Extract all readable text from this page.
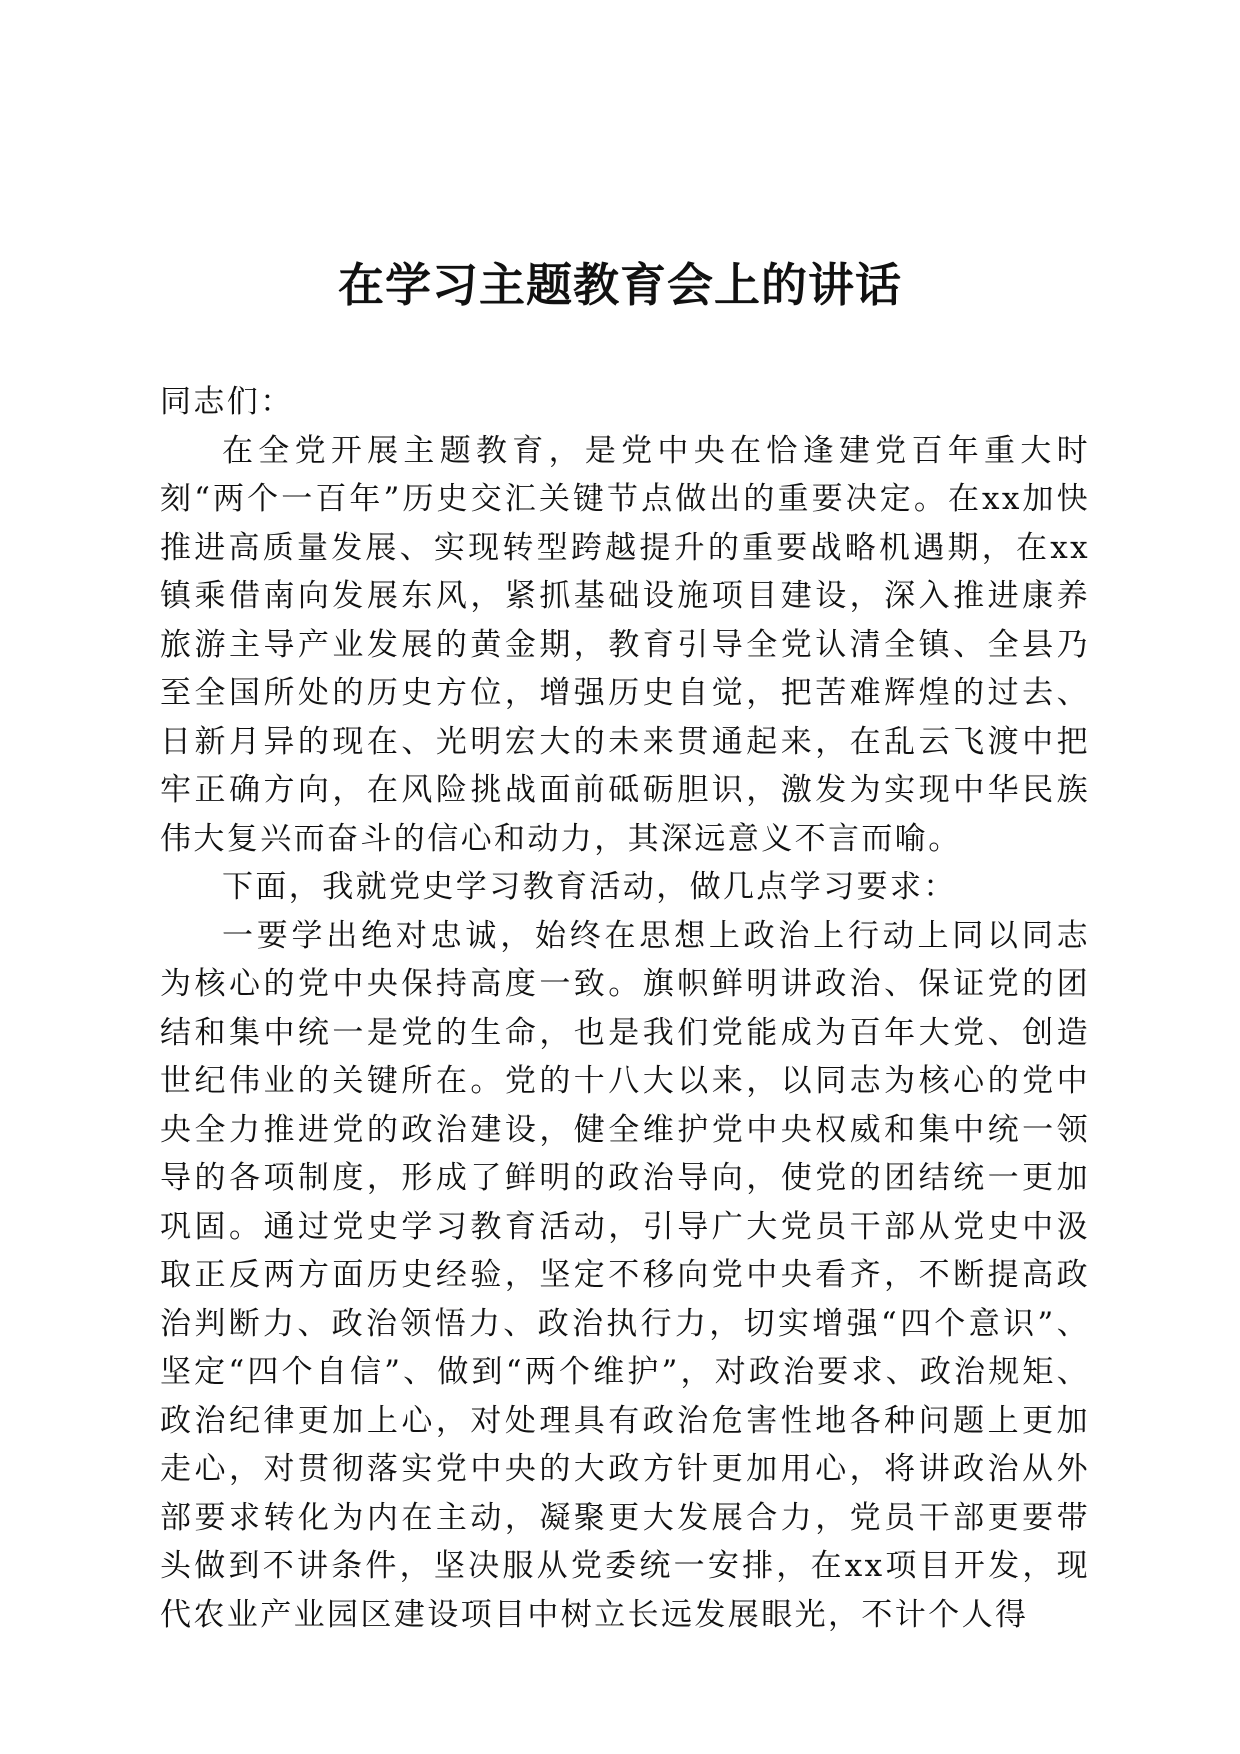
在学习主题教育会上的讲话

同志们：

在全党开展主题教育，是党中央在恰逢建党百年重大时刻“两个一百年”历史交汇关键节点做出的重要决定。在xx加快推进高质量发展、实现转型跨越提升的重要战略机遇期，在xx镇乘借南向发展东风，紧抓基础设施项目建设，深入推进康养旅游主导产业发展的黄金期，教育引导全党认清全镇、全县乃至全国所处的历史方位，增强历史自觉，把苦难辉煌的过去、日新月异的现在、光明宏大的未来贯通起来，在乱云飞渡中把牢正确方向，在风险挑战面前砥砺胆识，激发为实现中华民族伟大复兴而奋斗的信心和动力，其深远意义不言而喻。

下面，我就党史学习教育活动，做几点学习要求：

一要学出绝对忠诚，始终在思想上政治上行动上同以同志为核心的党中央保持高度一致。旗帜鲜明讲政治、保证党的团结和集中统一是党的生命，也是我们党能成为百年大党、创造世纪伟业的关键所在。党的十八大以来，以同志为核心的党中央全力推进党的政治建设，健全维护党中央权威和集中统一领导的各项制度，形成了鲜明的政治导向，使党的团结统一更加巩固。通过党史学习教育活动，引导广大党员干部从党史中汲取正反两方面历史经验，坚定不移向党中央看齐，不断提高政治判断力、政治领悟力、政治执行力，切实增强“四个意识”、坚定“四个自信”、做到“两个维护”，对政治要求、政治规矩、政治纪律更加上心，对处理具有政治危害性地各种问题上更加走心，对贯彻落实党中央的大政方针更加用心，将讲政治从外部要求转化为内在主动，凝聚更大发展合力，党员干部更要带头做到不讲条件，坚决服从党委统一安排，在xx项目开发，现代农业产业园区建设项目中树立长远发展眼光，不计个人得
